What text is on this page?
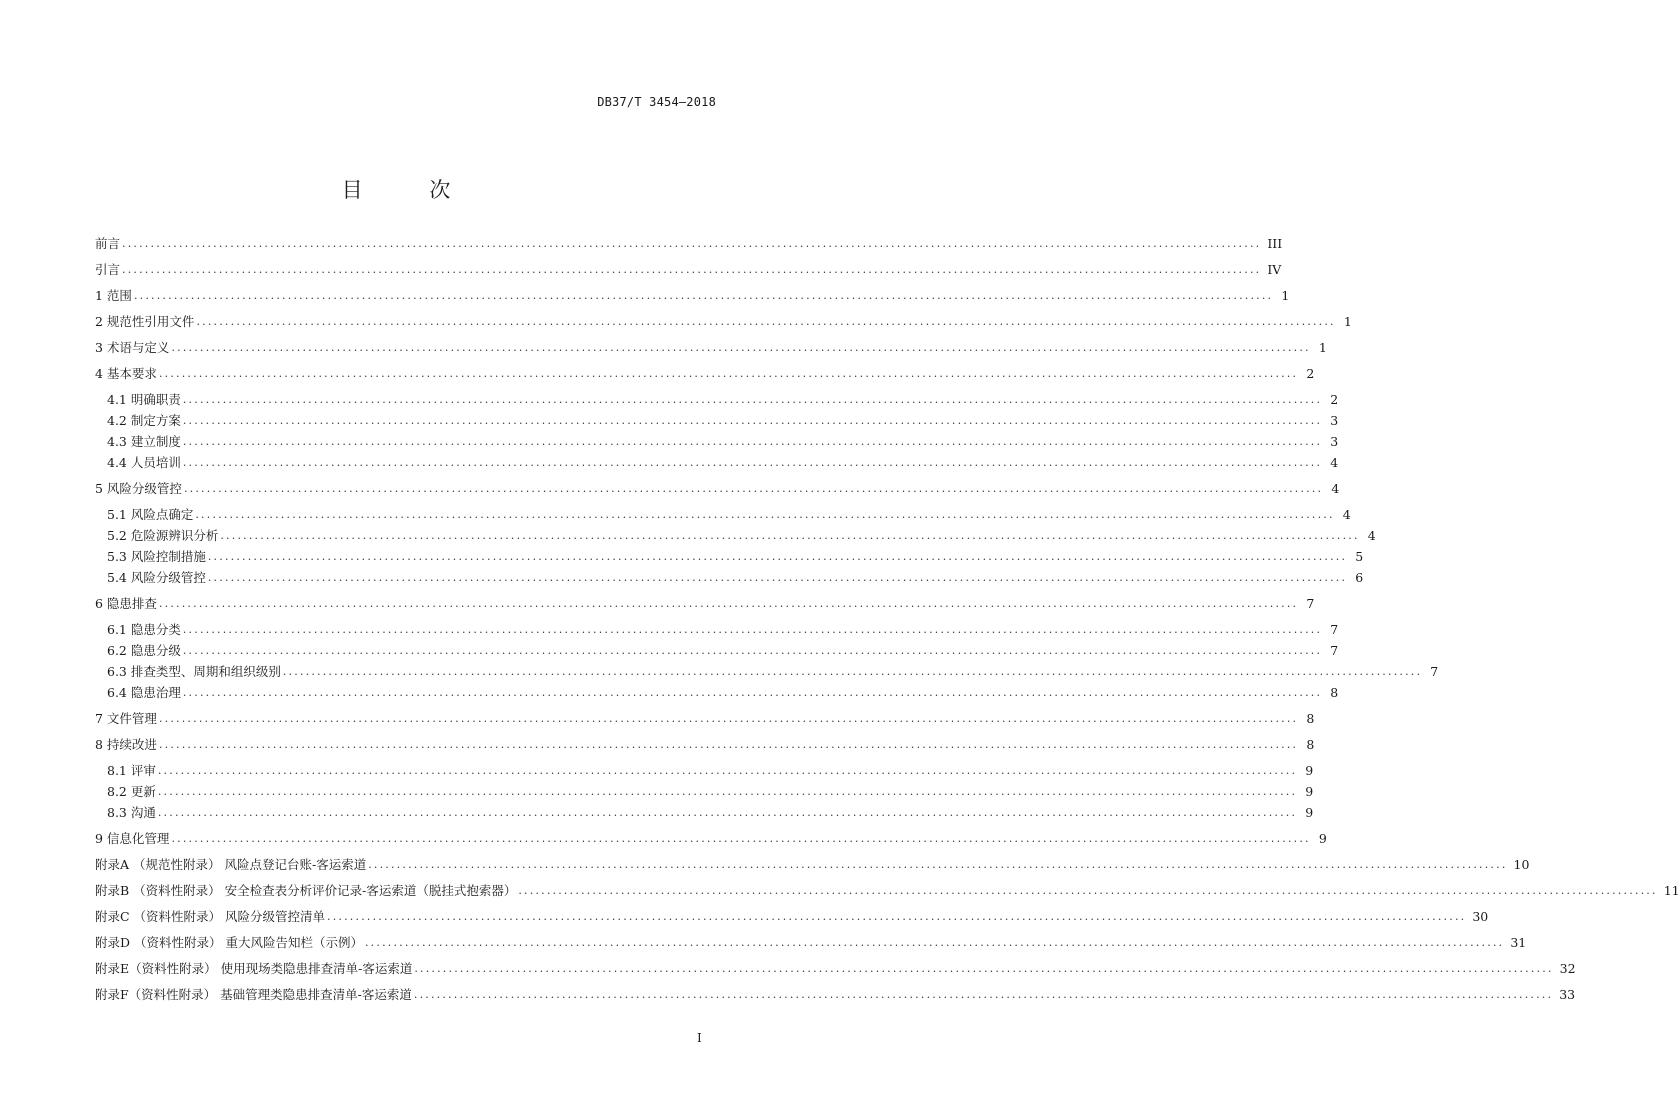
DB37/T 3454—2018
目 次
前言 ........................................................................................................................................................................................................ III
引言 ........................................................................................................................................................................................................ IV
1 范围 ........................................................................................................................................................................................................ 1
2 规范性引用文件 ........................................................................................................................................................................................................ 1
3 术语与定义 ........................................................................................................................................................................................................ 1
4 基本要求 ........................................................................................................................................................................................................ 2
4.1 明确职责 ........................................................................................................................................................................................................ 2
4.2 制定方案 ........................................................................................................................................................................................................ 3
4.3 建立制度 ........................................................................................................................................................................................................ 3
4.4 人员培训 ........................................................................................................................................................................................................ 4
5 风险分级管控 ........................................................................................................................................................................................................ 4
5.1 风险点确定 ........................................................................................................................................................................................................ 4
5.2 危险源辨识分析 ........................................................................................................................................................................................................ 4
5.3 风险控制措施 ........................................................................................................................................................................................................ 5
5.4 风险分级管控 ........................................................................................................................................................................................................ 6
6 隐患排查 ........................................................................................................................................................................................................ 7
6.1 隐患分类 ........................................................................................................................................................................................................ 7
6.2 隐患分级 ........................................................................................................................................................................................................ 7
6.3 排查类型、周期和组织级别 ........................................................................................................................................................................................................ 7
6.4 隐患治理 ........................................................................................................................................................................................................ 8
7 文件管理 ........................................................................................................................................................................................................ 8
8 持续改进 ........................................................................................................................................................................................................ 8
8.1 评审 ........................................................................................................................................................................................................ 9
8.2 更新 ........................................................................................................................................................................................................ 9
8.3 沟通 ........................................................................................................................................................................................................ 9
9 信息化管理 ........................................................................................................................................................................................................ 9
附录A （规范性附录） 风险点登记台账-客运索道 ........................................................................................................................................................................................................ 10
附录B （资料性附录） 安全检查表分析评价记录-客运索道（脱挂式抱索器） ........................................................................................................................................................................................................ 11
附录C （资料性附录） 风险分级管控清单 ........................................................................................................................................................................................................ 30
附录D （资料性附录） 重大风险告知栏（示例） ........................................................................................................................................................................................................ 31
附录E（资料性附录） 使用现场类隐患排查清单-客运索道 ........................................................................................................................................................................................................ 32
附录F（资料性附录） 基础管理类隐患排查清单-客运索道 ........................................................................................................................................................................................................ 33
I
